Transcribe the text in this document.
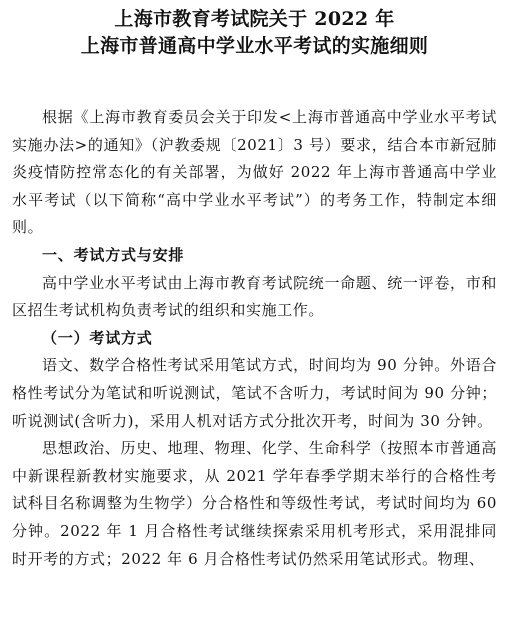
上海市教育考试院关于 2022 年
上海市普通高中学业水平考试的实施细则

根据《上海市教育委员会关于印发<上海市普通高中学业水平考试实施办法>的通知》（沪教委规〔2021〕3 号）要求，结合本市新冠肺炎疫情防控常态化的有关部署，为做好 2022 年上海市普通高中学业水平考试（以下简称“高中学业水平考试”）的考务工作，特制定本细则。

一、考试方式与安排

高中学业水平考试由上海市教育考试院统一命题、统一评卷，市和区招生考试机构负责考试的组织和实施工作。

（一）考试方式

语文、数学合格性考试采用笔试方式，时间均为 90 分钟。外语合格性考试分为笔试和听说测试，笔试不含听力，考试时间为 90 分钟；听说测试(含听力)，采用人机对话方式分批次开考，时间为 30 分钟。

思想政治、历史、地理、物理、化学、生命科学（按照本市普通高中新课程新教材实施要求，从 2021 学年春季学期末举行的合格性考试科目名称调整为生物学）分合格性和等级性考试，考试时间均为 60 分钟。2022 年 1 月合格性考试继续探索采用机考形式，采用混排同时开考的方式；2022 年 6 月合格性考试仍然采用笔试形式。物理、
